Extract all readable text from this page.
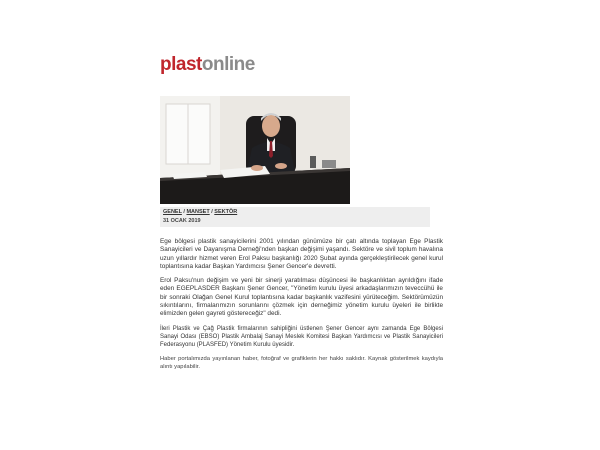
plastonline
GENEL / MANSET / SEKTÖR
31 OCAK 2019

Ege bölgesi plastik sanayicilerini 2001 yılından günümüze bir çatı altında toplayan Ege Plastik Sanayicileri ve Dayanışma Derneği'nden başkan değişimi yaşandı. Sektöre ve sivil toplum havalına uzun yıllardır hizmet veren Erol Paksu başkanlığı 2020 Şubat ayında gerçekleştirilecek genel kurul toplantısına kadar Başkan Yardımcısı Şener Gencer'e devretti.

Erol Paksu'nun değişim ve yeni bir sinerji yaratılması düşüncesi ile başkanlıktan ayrıldığını ifade eden EGEPLASDER Başkanı Şener Gencer, "Yönetim kurulu üyesi arkadaşlarımızın teveccühü ile bir sonraki Olağan Genel Kurul toplantısına kadar başkanlık vazifesini yürüteceğim. Sektörümüzün sıkıntılarını, firmalarımızın sorunlarını çözmek için derneğimiz yönetim kurulu üyeleri ile birlikte elimizden gelen gayreti göstereceğiz" dedi.

İleri Plastik ve Çağ Plastik firmalarının sahipliğini üstlenen Şener Gencer aynı zamanda Ege Bölgesi Sanayi Odası (EBSO) Plastik Ambalaj Sanayi Meslek Komitesi Başkan Yardımcısı ve Plastik Sanayicileri Federasyonu (PLASFED) Yönetim Kurulu üyesidir.

Haber portalımızda yayınlanan haber, fotoğraf ve grafiklerin her hakkı saklıdır. Kaynak gösterilmek kaydıyla alıntı yapılabilir.
